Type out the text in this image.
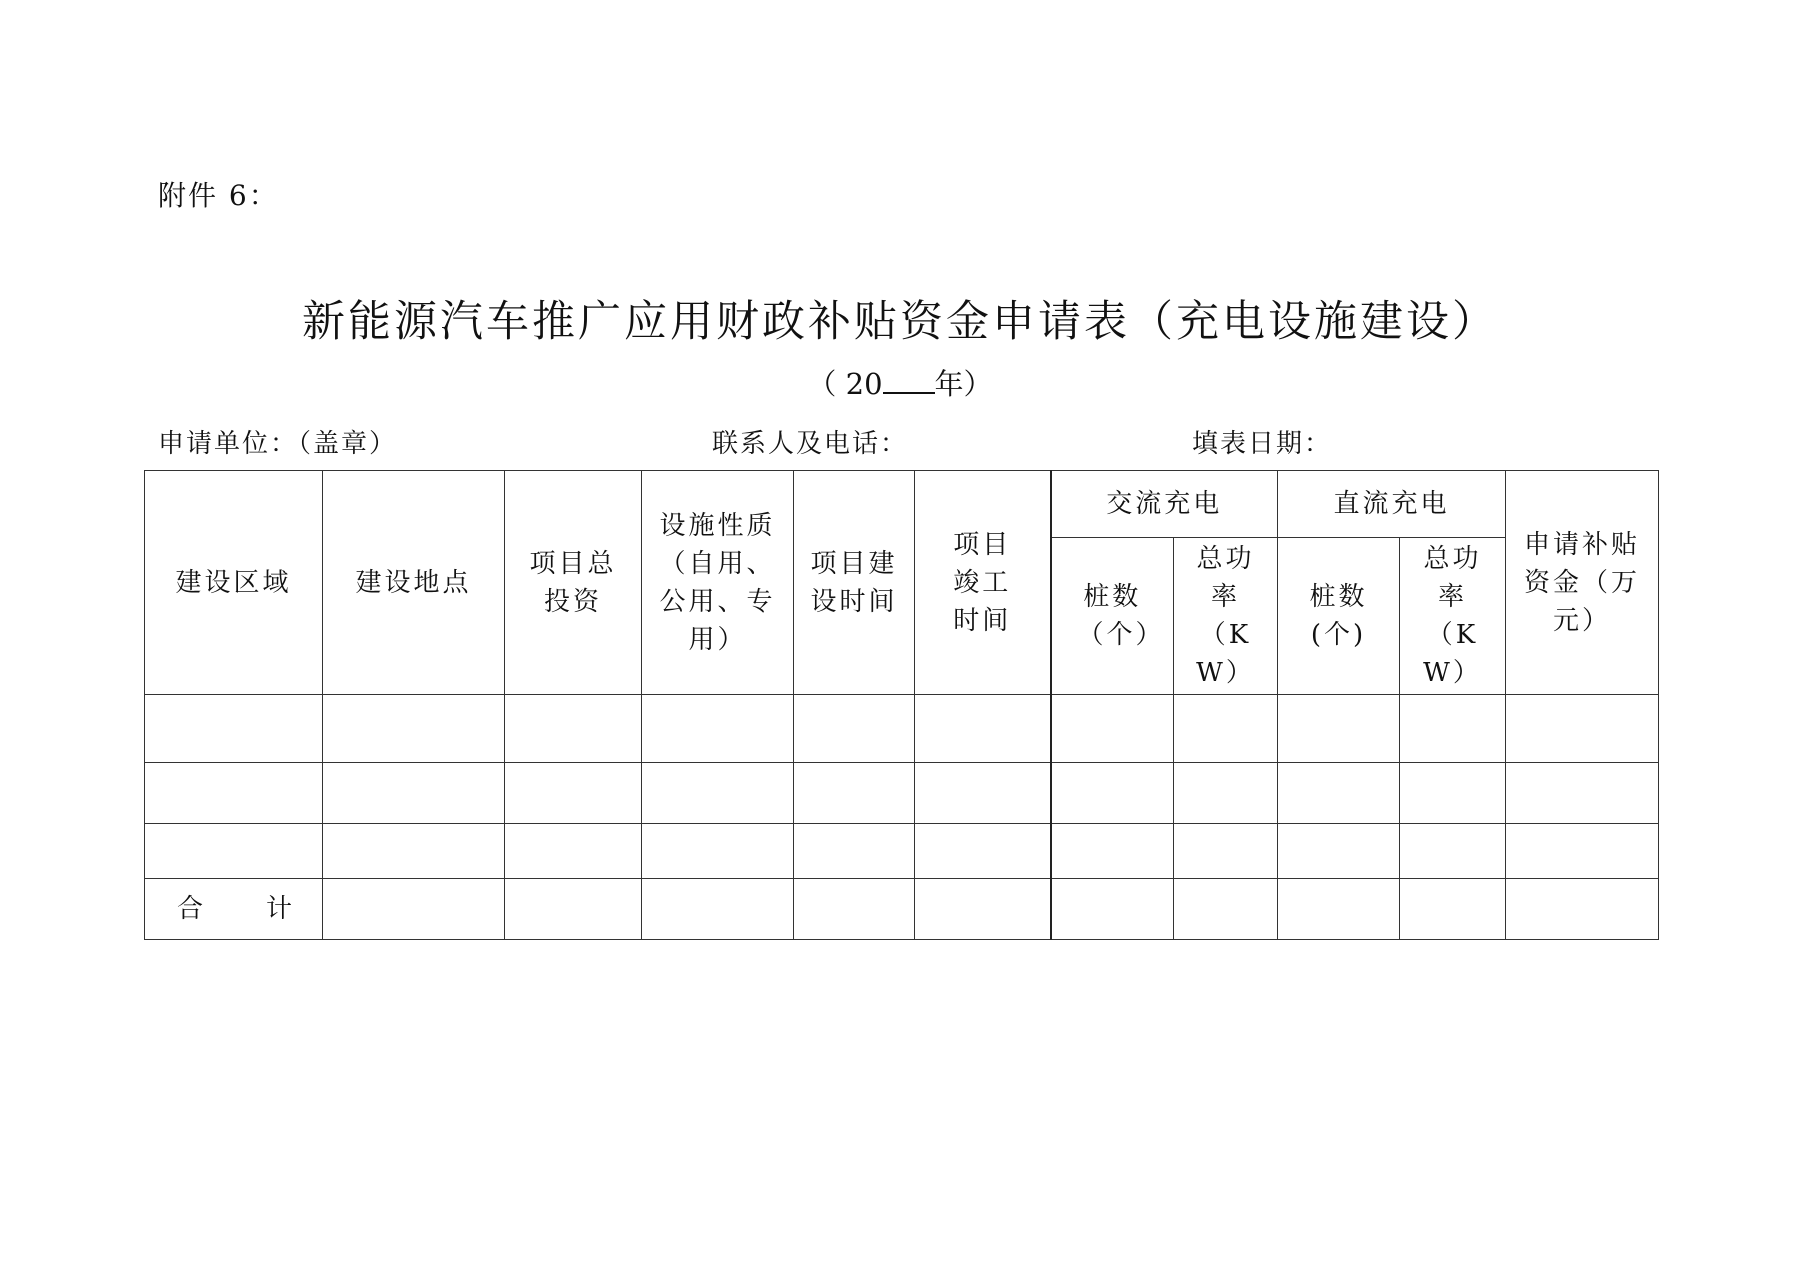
附件 6：
新能源汽车推广应用财政补贴资金申请表（充电设施建设）
（ 20 年）
申请单位：（盖章）	联系人及电话：	填表日期：
建设区域	建设地点	项目总投资	设施性质（自用、公用、专用）	项目建设时间	项目竣工时间	交流充电		直流充电		申请补贴资金（万元）
						桩数（个）	总功率（KW）	桩数(个)	总功率（KW）	

合 计										
